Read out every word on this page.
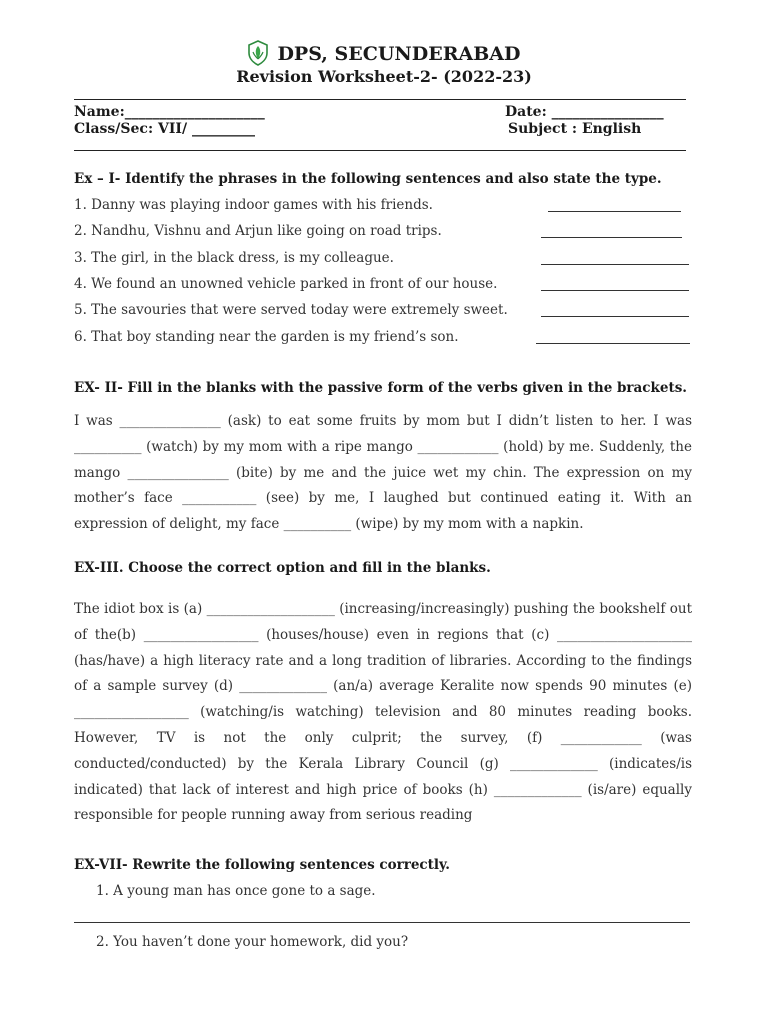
DPS, SECUNDERABAD
Revision Worksheet-2- (2022-23)
Name:____________________	Date: ________________
Class/Sec: VII/ _________	Subject : English
Ex – I- Identify the phrases in the following sentences and also state the type.
1. Danny was playing indoor games with his friends.
2. Nandhu, Vishnu and Arjun like going on road trips.
3. The girl, in the black dress, is my colleague.
4. We found an unowned vehicle parked in front of our house.
5. The savouries that were served today were extremely sweet.
6. That boy standing near the garden is my friend’s son.
EX- II- Fill in the blanks with the passive form of the verbs given in the brackets.
I was _______________ (ask) to eat some fruits by mom but I didn’t listen to her. I was __________ (watch) by my mom with a ripe mango ____________ (hold) by me. Suddenly, the mango _______________ (bite) by me and the juice wet my chin. The expression on my mother’s face ___________ (see) by me, I laughed but continued eating it. With an expression of delight, my face __________ (wipe) by my mom with a napkin.
EX-III. Choose the correct option and fill in the blanks.
The idiot box is (a) ___________________ (increasing/increasingly) pushing the bookshelf out of the(b) _________________ (houses/house) even in regions that (c) ____________________ (has/have) a high literacy rate and a long tradition of libraries. According to the findings of a sample survey (d) _____________ (an/a) average Keralite now spends 90 minutes (e) _________________ (watching/is watching) television and 80 minutes reading books. However, TV is not the only culprit; the survey, (f) ____________ (was conducted/conducted) by the Kerala Library Council (g) _____________ (indicates/is indicated) that lack of interest and high price of books (h) _____________ (is/are) equally responsible for people running away from serious reading
EX-VII- Rewrite the following sentences correctly.
1. A young man has once gone to a sage.
2. You haven’t done your homework, did you?
